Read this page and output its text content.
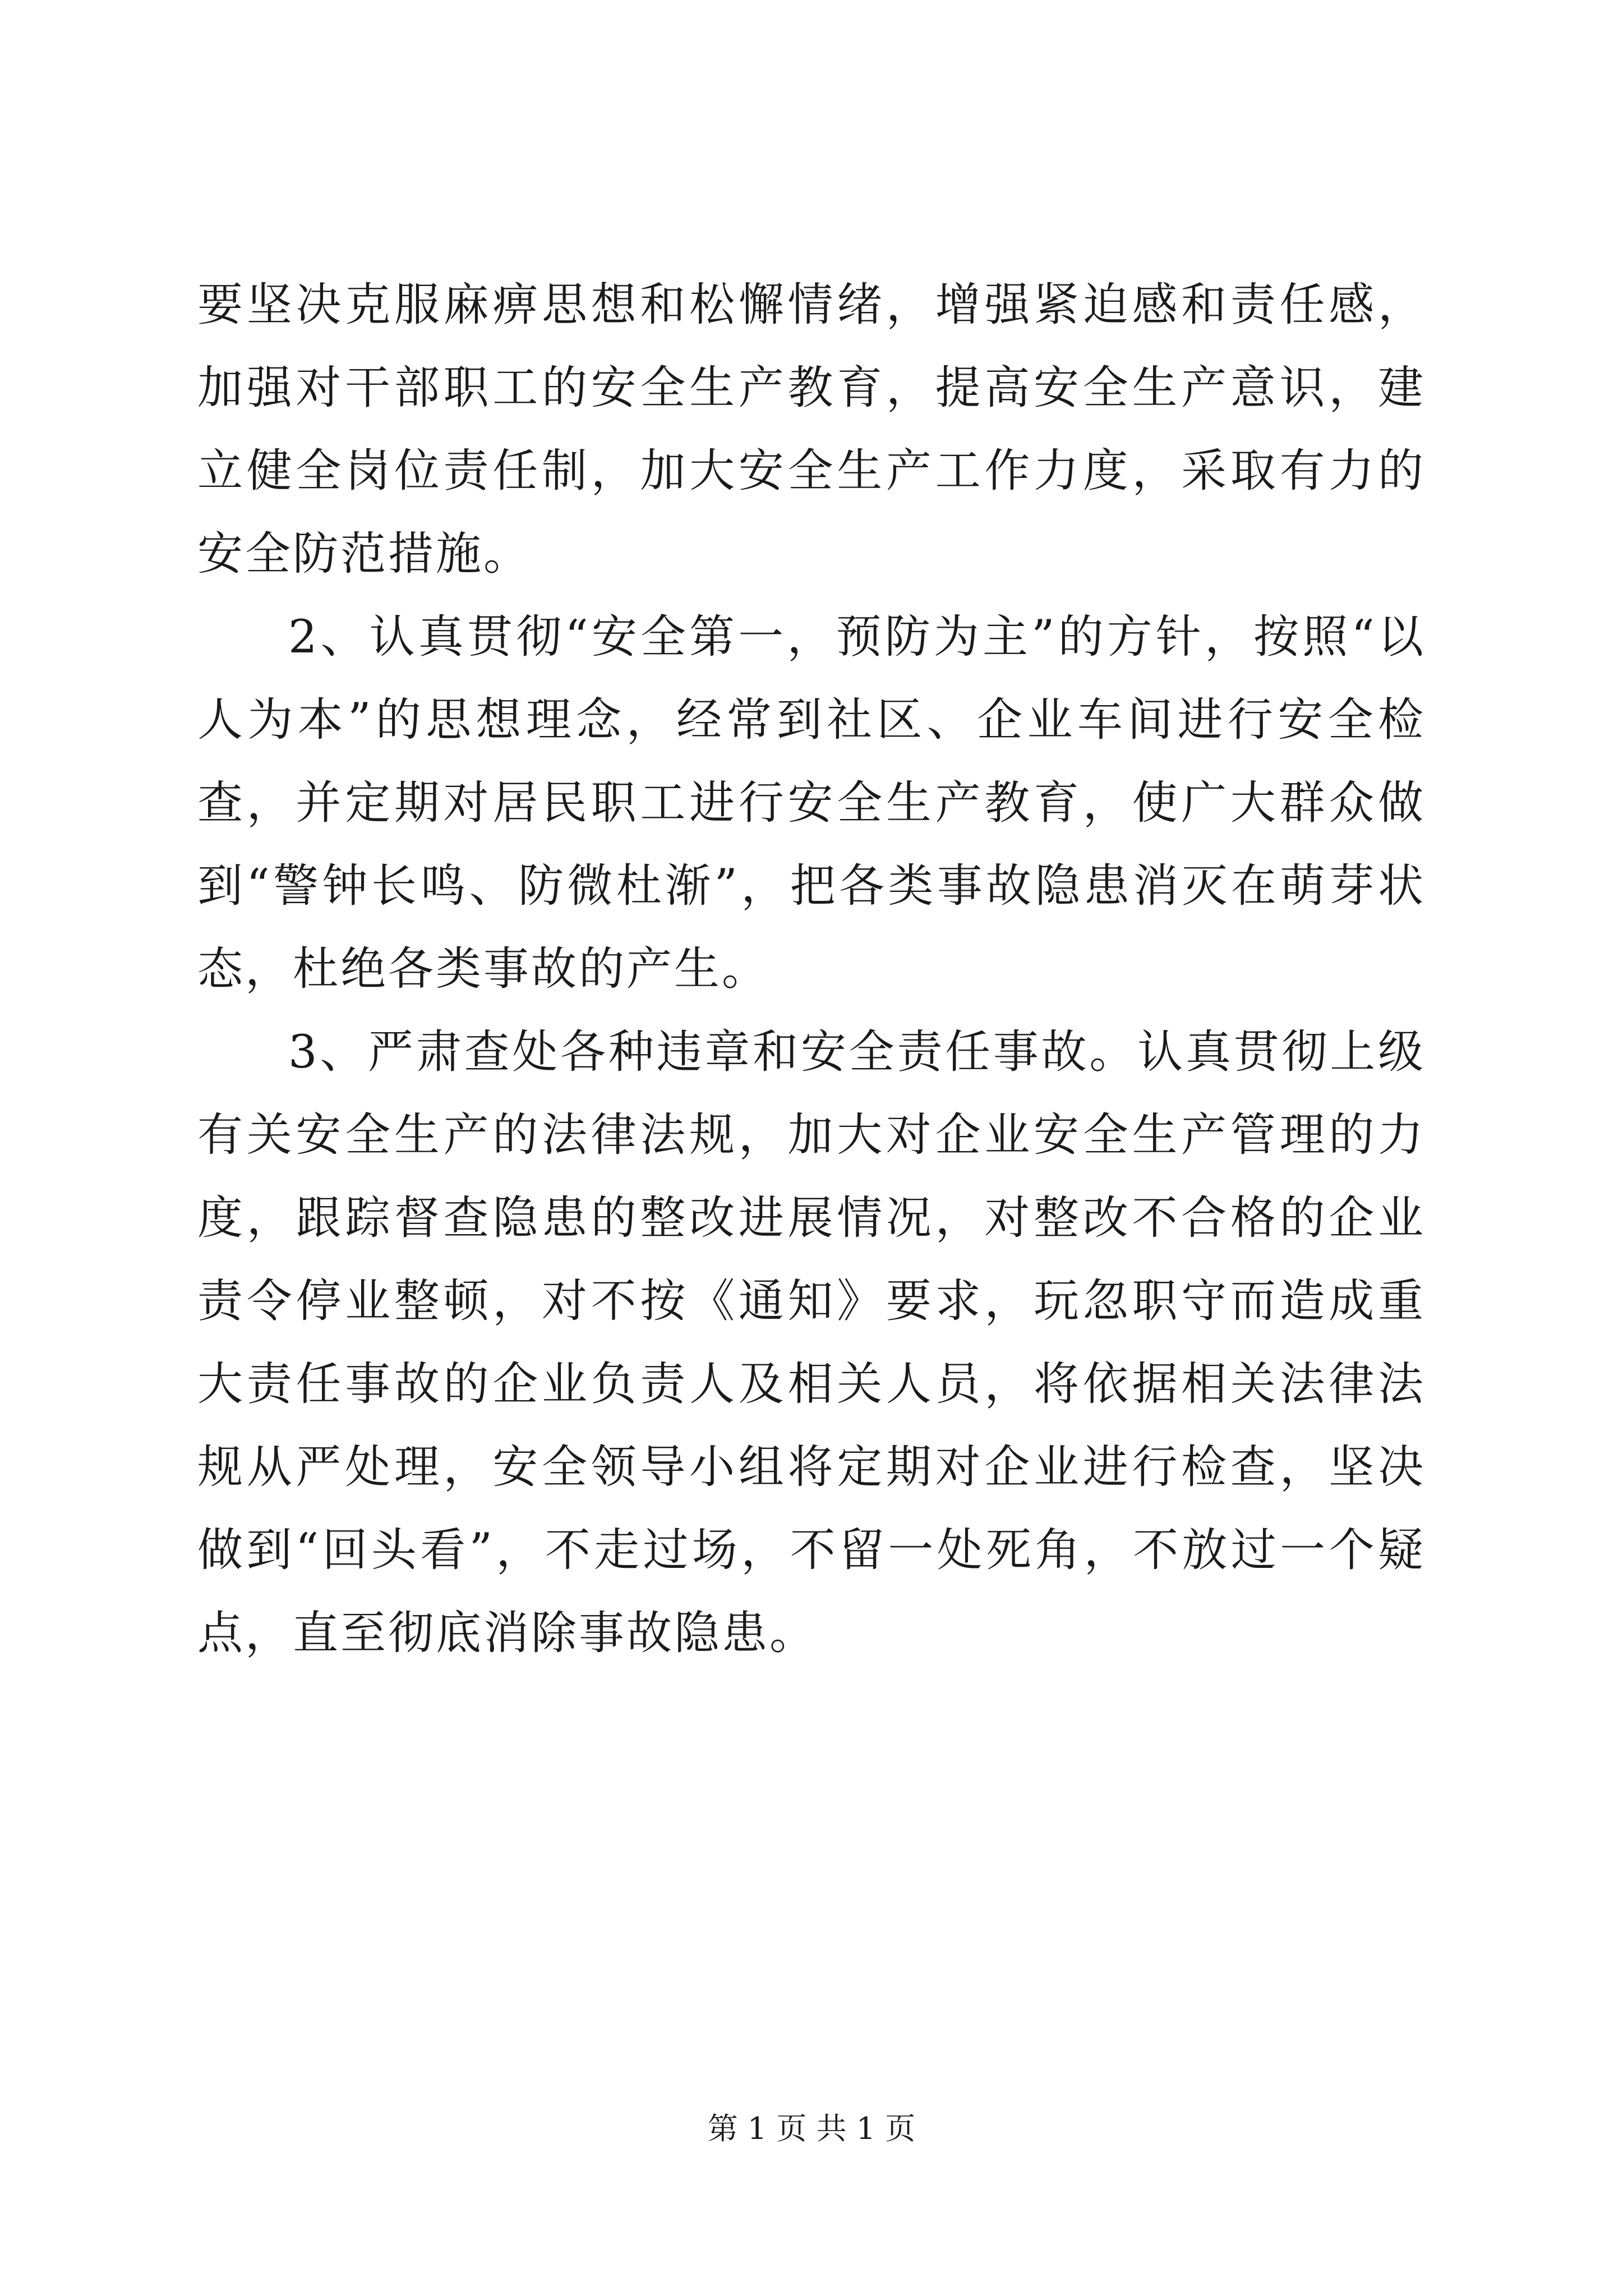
要坚决克服麻痹思想和松懈情绪，增强紧迫感和责任感，加强对干部职工的安全生产教育，提高安全生产意识，建立健全岗位责任制，加大安全生产工作力度，采取有力的安全防范措施。

2、认真贯彻“安全第一，预防为主”的方针，按照“以人为本”的思想理念，经常到社区、企业车间进行安全检查，并定期对居民职工进行安全生产教育，使广大群众做到“警钟长鸣、防微杜渐”，把各类事故隐患消灭在萌芽状态，杜绝各类事故的产生。

3、严肃查处各种违章和安全责任事故。认真贯彻上级有关安全生产的法律法规，加大对企业安全生产管理的力度，跟踪督查隐患的整改进展情况，对整改不合格的企业责令停业整顿，对不按《通知》要求，玩忽职守而造成重大责任事故的企业负责人及相关人员，将依据相关法律法规从严处理，安全领导小组将定期对企业进行检查，坚决做到“回头看”，不走过场，不留一处死角，不放过一个疑点，直至彻底消除事故隐患。

第 1 页 共 1 页
